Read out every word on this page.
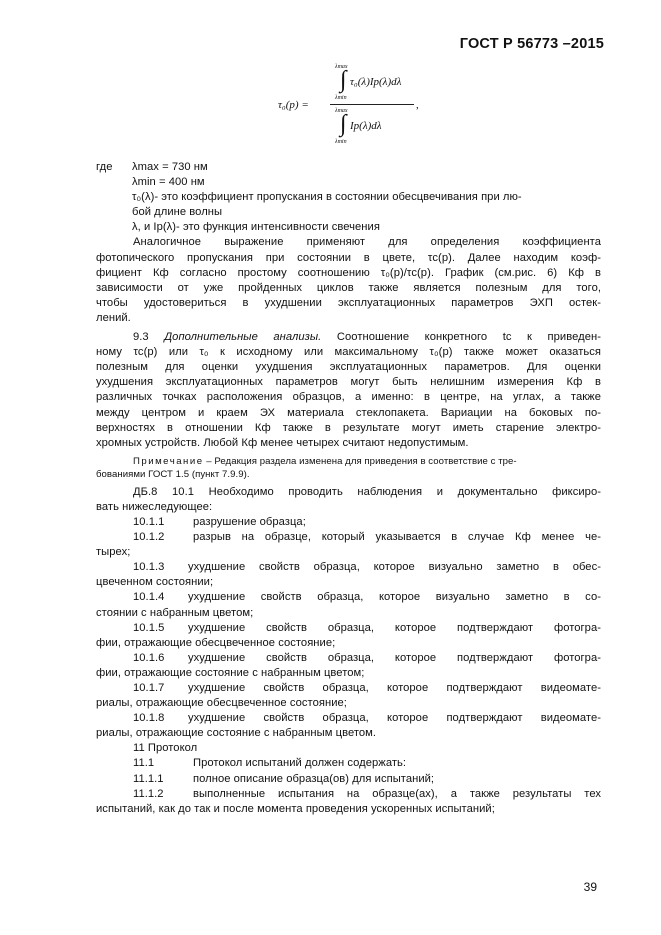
ГОСТ Р 56773 –2015
τ₀(p) =
λmax
∫ τ₀(λ)Ip(λ)dλ
λmin
,
λmax
∫ Ip(λ)dλ
λmin
где λmax = 730 нм
λmin = 400 нм
τ₀(λ)- это коэффициент пропускания в состоянии обесцвечивания при лю-
бой длине волны
λ, и Ip(λ)- это функция интенсивности свечения
Аналогичное выражение применяют для определения коэффициента
фотопического пропускания при состоянии в цвете, τc(p). Далее находим коэф-
фициент Кф согласно простому соотношению τ₀(p)/τc(p). График (см.рис. 6) Кф в
зависимости от уже пройденных циклов также является полезным для того,
чтобы удостовериться в ухудшении эксплуатационных параметров ЭХП остек-
лений.
9.3 Дополнительные анализы. Соотношение конкретного tc к приведен-
ному τc(p) или τ₀ к исходному или максимальному τ₀(p) также может оказаться
полезным для оценки ухудшения эксплуатационных параметров. Для оценки
ухудшения эксплуатационных параметров могут быть нелишним измерения Кф в
различных точках расположения образцов, а именно: в центре, на углах, а также
между центром и краем ЭХ материала стеклопакета. Вариации на боковых по-
верхностях в отношении Кф также в результате могут иметь старение электро-
хромных устройств. Любой Кф менее четырех считают недопустимым.
Примечание – Редакция раздела изменена для приведения в соответствие с тре-
бованиями ГОСТ 1.5 (пункт 7.9.9).
ДБ.8 10.1 Необходимо проводить наблюдения и документально фиксиро-
вать нижеследующее:
10.1.1	разрушение образца;
10.1.2	разрыв на образце, который указывается в случае Кф менее че-
тырех;
10.1.3 ухудшение свойств образца, которое визуально заметно в обес-
цвеченном состоянии;
10.1.4 ухудшение свойств образца, которое визуально заметно в со-
стоянии с набранным цветом;
10.1.5 ухудшение свойств образца, которое подтверждают фотогра-
фии, отражающие обесцвеченное состояние;
10.1.6 ухудшение свойств образца, которое подтверждают фотогра-
фии, отражающие состояние с набранным цветом;
10.1.7 ухудшение свойств образца, которое подтверждают видеомате-
риалы, отражающие обесцвеченное состояние;
10.1.8 ухудшение свойств образца, которое подтверждают видеомате-
риалы, отражающие состояние с набранным цветом.
11 Протокол
11.1	Протокол испытаний должен содержать:
11.1.1	полное описание образца(ов) для испытаний;
11.1.2	выполненные испытания на образце(ах), а также результаты тех
испытаний, как до так и после момента проведения ускоренных испытаний;
39
